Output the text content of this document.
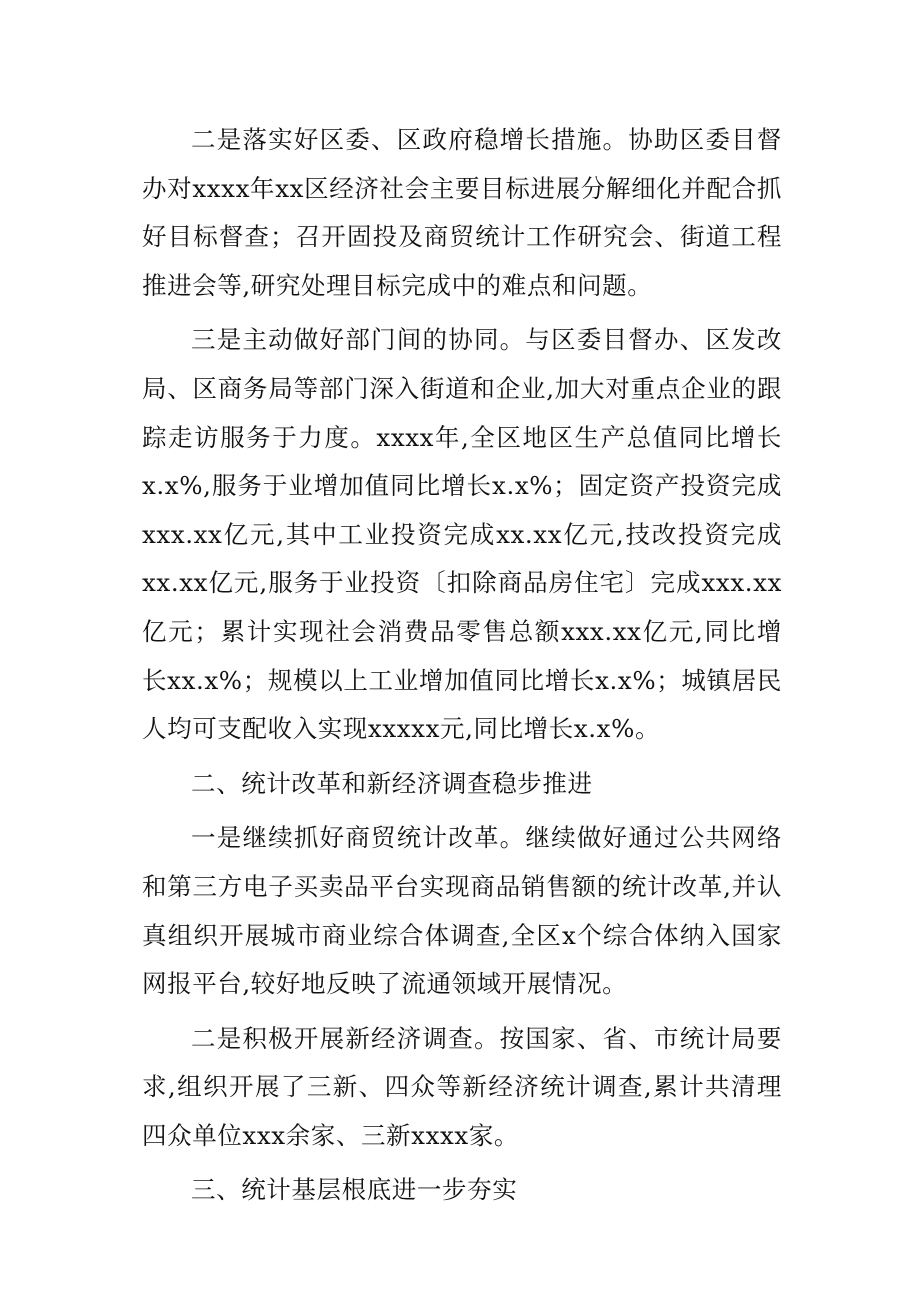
二是落实好区委、区政府稳增长措施。协助区委目督办对xxxx年xx区经济社会主要目标进展分解细化并配合抓好目标督查；召开固投及商贸统计工作研究会、街道工程推进会等,研究处理目标完成中的难点和问题。

三是主动做好部门间的协同。与区委目督办、区发改局、区商务局等部门深入街道和企业,加大对重点企业的跟踪走访服务于力度。xxxx年,全区地区生产总值同比增长x.x%,服务于业增加值同比增长x.x%；固定资产投资完成xxx.xx亿元,其中工业投资完成xx.xx亿元,技改投资完成xx.xx亿元,服务于业投资〔扣除商品房住宅〕完成xxx.xx亿元；累计实现社会消费品零售总额xxx.xx亿元,同比增长xx.x%；规模以上工业增加值同比增长x.x%；城镇居民人均可支配收入实现xxxxx元,同比增长x.x%。

二、统计改革和新经济调查稳步推进

一是继续抓好商贸统计改革。继续做好通过公共网络和第三方电子买卖品平台实现商品销售额的统计改革,并认真组织开展城市商业综合体调查,全区x个综合体纳入国家网报平台,较好地反映了流通领域开展情况。

二是积极开展新经济调查。按国家、省、市统计局要求,组织开展了三新、四众等新经济统计调查,累计共清理四众单位xxx余家、三新xxxx家。

三、统计基层根底进一步夯实
